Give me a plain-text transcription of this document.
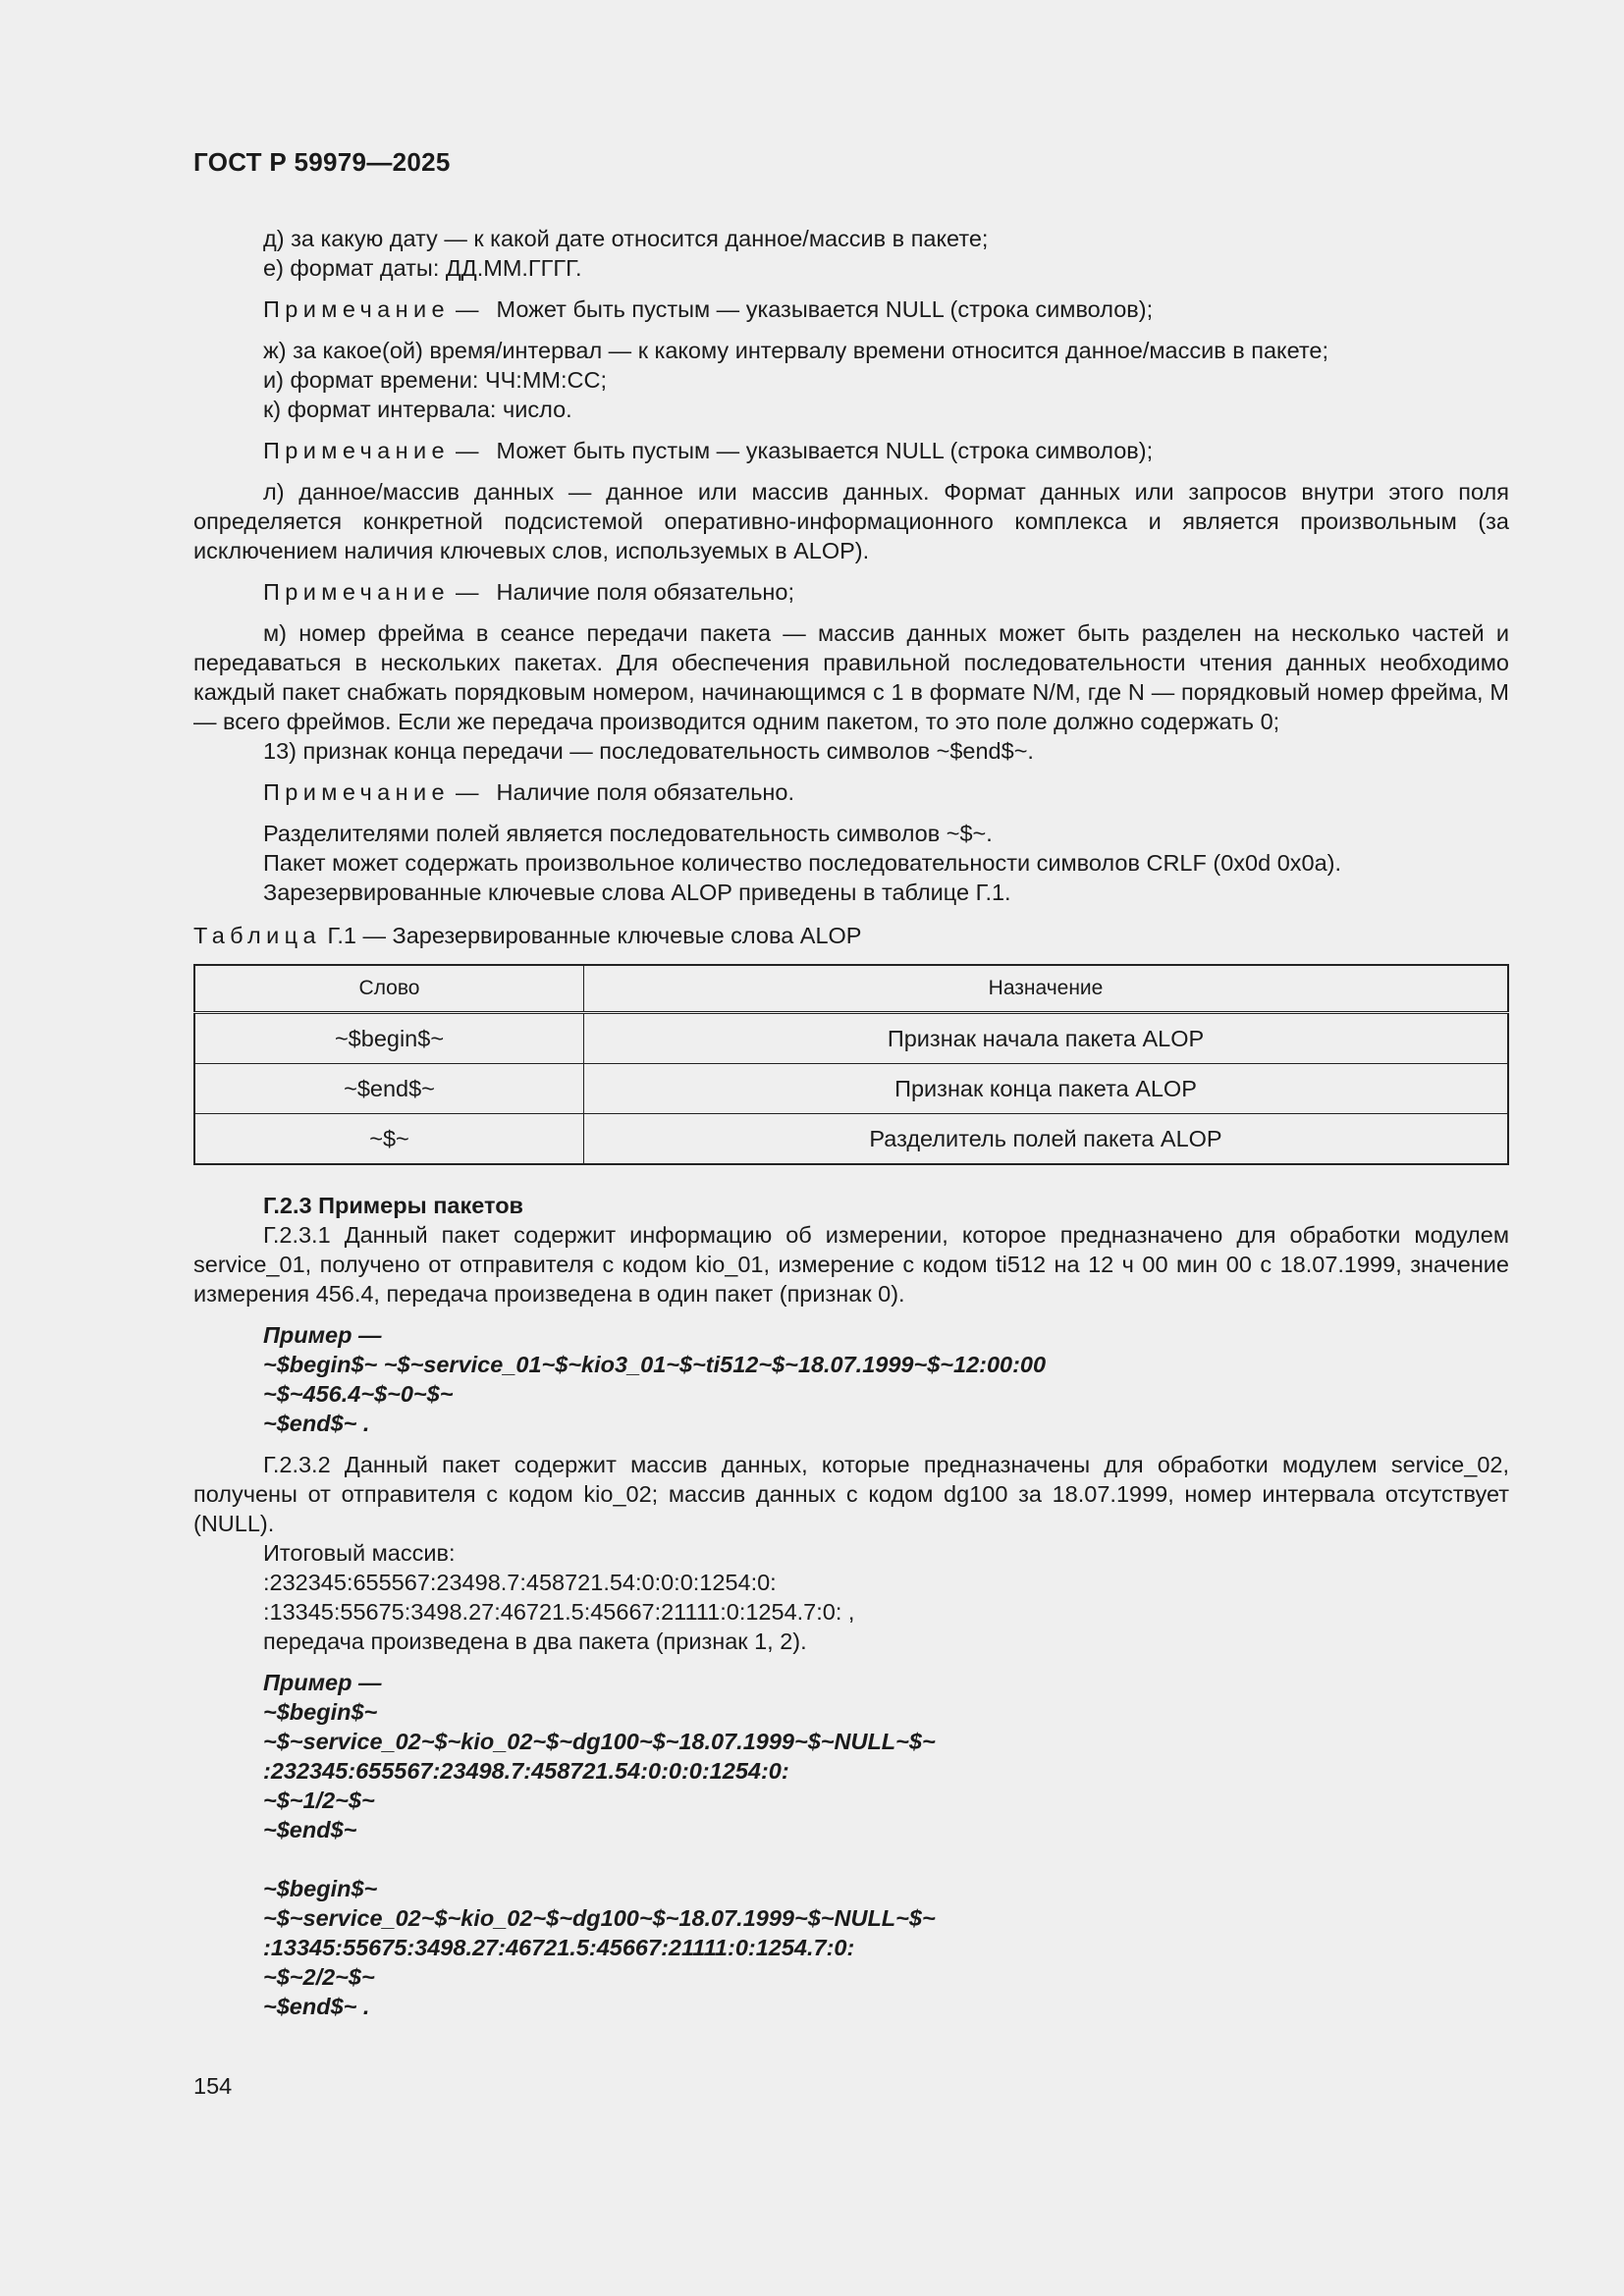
ГОСТ Р 59979—2025

д) за какую дату — к какой дате относится данное/массив в пакете;

е) формат даты: ДД.ММ.ГГГГ.

Примечание — Может быть пустым — указывается NULL (строка символов);

ж) за какое(ой) время/интервал — к какому интервалу времени относится данное/массив в пакете;

и) формат времени: ЧЧ:ММ:СС;

к) формат интервала: число.

Примечание — Может быть пустым — указывается NULL (строка символов);

л) данное/массив данных — данное или массив данных. Формат данных или запросов внутри этого поля определяется конкретной подсистемой оперативно-информационного комплекса и является произвольным (за исключением наличия ключевых слов, используемых в ALOP).

Примечание — Наличие поля обязательно;

м) номер фрейма в сеансе передачи пакета — массив данных может быть разделен на несколько частей и передаваться в нескольких пакетах. Для обеспечения правильной последовательности чтения данных необходимо каждый пакет снабжать порядковым номером, начинающимся с 1 в формате N/M, где N — порядковый номер фрейма, M — всего фреймов. Если же передача производится одним пакетом, то это поле должно содержать 0;

13) признак конца передачи — последовательность символов ~$end$~.

Примечание — Наличие поля обязательно.

Разделителями полей является последовательность символов ~$~.

Пакет может содержать произвольное количество последовательности символов CRLF (0x0d 0x0a).

Зарезервированные ключевые слова ALOP приведены в таблице Г.1.

Таблица Г.1 — Зарезервированные ключевые слова ALOP

Слово	Назначение
~$begin$~	Признак начала пакета ALOP
~$end$~	Признак конца пакета ALOP
~$~	Разделитель полей пакета ALOP

Г.2.3 Примеры пакетов

Г.2.3.1 Данный пакет содержит информацию об измерении, которое предназначено для обработки модулем service_01, получено от отправителя с кодом kio_01, измерение с кодом ti512 на 12 ч 00 мин 00 с 18.07.1999, значение измерения 456.4, передача произведена в один пакет (признак 0).

Пример —

~$begin$~ ~$~service_01~$~kio3_01~$~ti512~$~18.07.1999~$~12:00:00

~$~456.4~$~0~$~

~$end$~ .

Г.2.3.2 Данный пакет содержит массив данных, которые предназначены для обработки модулем service_02, получены от отправителя с кодом kio_02; массив данных с кодом dg100 за 18.07.1999, номер интервала отсутствует (NULL).

Итоговый массив:

:232345:655567:23498.7:458721.54:0:0:0:1254:0:

:13345:55675:3498.27:46721.5:45667:21111:0:1254.7:0: ,

передача произведена в два пакета (признак 1, 2).

Пример —

~$begin$~

~$~service_02~$~kio_02~$~dg100~$~18.07.1999~$~NULL~$~

:232345:655567:23498.7:458721.54:0:0:0:1254:0:

~$~1/2~$~

~$end$~

~$begin$~

~$~service_02~$~kio_02~$~dg100~$~18.07.1999~$~NULL~$~

:13345:55675:3498.27:46721.5:45667:21111:0:1254.7:0:

~$~2/2~$~

~$end$~ .

154
